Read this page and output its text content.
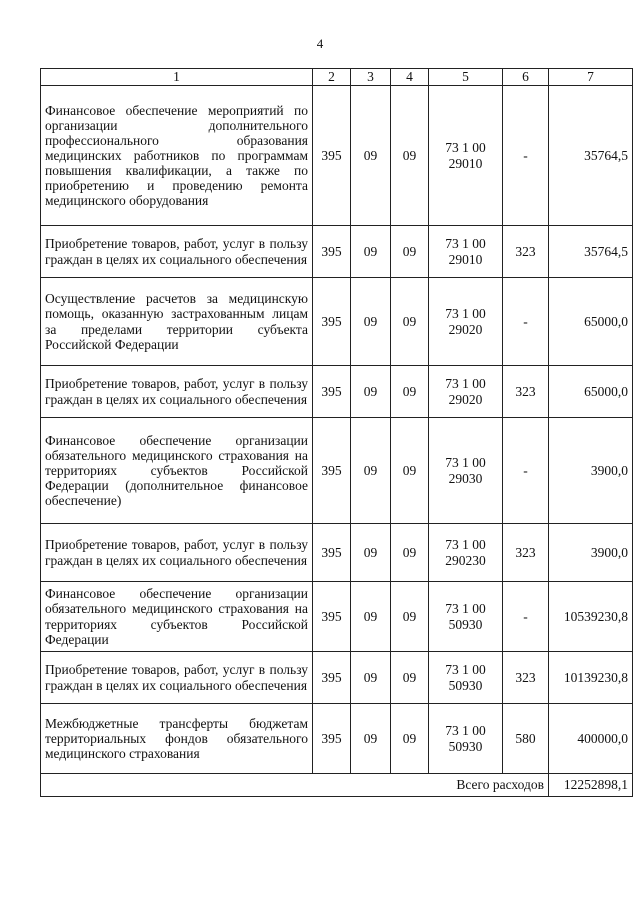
4
1	2	3	4	5	6	7
Финансовое обеспечение мероприятий по организации дополнительного профессионального образования медицинских работников по программам повышения квалификации, а также по приобретению и проведению ремонта медицинского оборудования	395	09	09	73 1 00 29010	-	35764,5
Приобретение товаров, работ, услуг в пользу граждан в целях их социального обеспечения	395	09	09	73 1 00 29010	323	35764,5
Осуществление расчетов за медицинскую помощь, оказанную застрахованным лицам за пределами территории субъекта Российской Федерации	395	09	09	73 1 00 29020	-	65000,0
Приобретение товаров, работ, услуг в пользу граждан в целях их социального обеспечения	395	09	09	73 1 00 29020	323	65000,0
Финансовое обеспечение организации обязательного медицинского страхования на территориях субъектов Российской Федерации (дополнительное финансовое обеспечение)	395	09	09	73 1 00 29030	-	3900,0
Приобретение товаров, работ, услуг в пользу граждан в целях их социального обеспечения	395	09	09	73 1 00 290230	323	3900,0
Финансовое обеспечение организации обязательного медицинского страхования на территориях субъектов Российской Федерации	395	09	09	73 1 00 50930	-	10539230,8
Приобретение товаров, работ, услуг в пользу граждан в целях их социального обеспечения	395	09	09	73 1 00 50930	323	10139230,8
Межбюджетные трансферты бюджетам территориальных фондов обязательного медицинского страхования	395	09	09	73 1 00 50930	580	400000,0
Всего расходов						12252898,1
